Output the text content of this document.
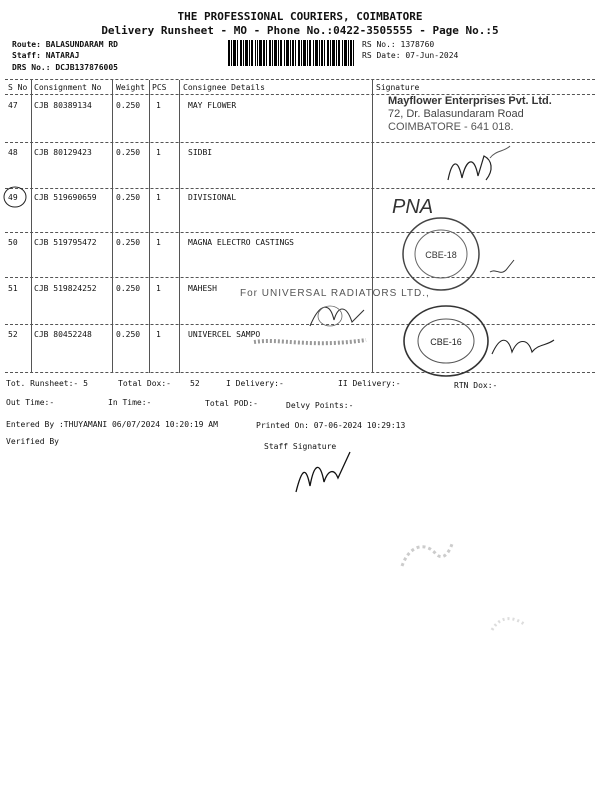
THE PROFESSIONAL COURIERS, COIMBATORE
Delivery Runsheet - MO - Phone No.:0422-3505555 - Page No.:5
Route: BALASUNDARAM RD
Staff: NATARAJ
DRS No.: DCJB137876005
RS No.: 1378760
RS Date: 07-Jun-2024
S No Consignment No Weight PCS Consignee Details	Signature
47 CJB 80389134	0.250 1	MAY FLOWER
48 CJB 80129423	0.250 1	SIDBI
49 CJB 519690659 0.250 1	DIVISIONAL
50 CJB 519795472 0.250 1	MAGNA ELECTRO CASTINGS
51 CJB 519824252 0.250 1	MAHESH
52 CJB 80452248	0.250 1	UNIVERCEL SAMPO
Mayflower Enterprises Pvt. Ltd.
72, Dr. Balasundaram Road
COIMBATORE - 641 018.
PNA
CBE-18
For UNIVERSAL RADIATORS LTD.,
CBE-16
Tot. Runsheet:- 5	Total Dox:- 52	I Delivery:-	II Delivery:-	RTN Dox:-
Out Time:-	In Time:-	Total POD:-	Delvy Points:-
Entered By :THUYAMANI 06/07/2024 10:20:19 AM	Printed On: 07-06-2024 10:29:13
Verified By
Staff Signature
